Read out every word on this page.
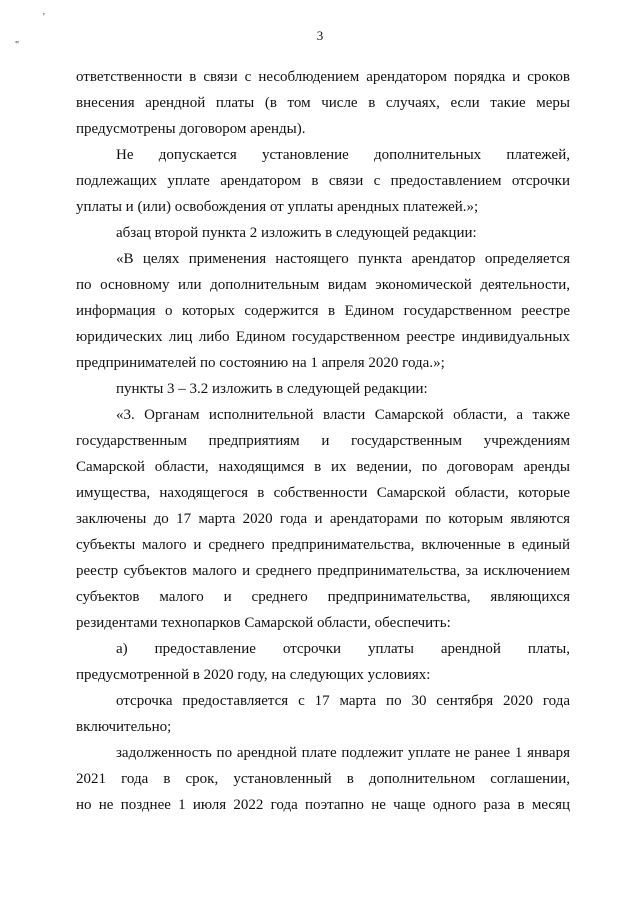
'
"
3
ответственности в связи с несоблюдением арендатором порядка и сроков
внесения арендной платы (в том числе в случаях, если такие меры
предусмотрены договором аренды).
Не допускается установление дополнительных платежей,
подлежащих уплате арендатором в связи с предоставлением отсрочки
уплаты и (или) освобождения от уплаты арендных платежей.»;
абзац второй пункта 2 изложить в следующей редакции:
«В целях применения настоящего пункта арендатор определяется
по основному или дополнительным видам экономической деятельности,
информация о которых содержится в Едином государственном реестре
юридических лиц либо Едином государственном реестре индивидуальных
предпринимателей по состоянию на 1 апреля 2020 года.»;
пункты 3 – 3.2 изложить в следующей редакции:
«3. Органам исполнительной власти Самарской области, а также
государственным предприятиям и государственным учреждениям
Самарской области, находящимся в их ведении, по договорам аренды
имущества, находящегося в собственности Самарской области, которые
заключены до 17 марта 2020 года и арендаторами по которым являются
субъекты малого и среднего предпринимательства, включенные в единый
реестр субъектов малого и среднего предпринимательства, за исключением
субъектов малого и среднего предпринимательства, являющихся
резидентами технопарков Самарской области, обеспечить:
а) предоставление отсрочки уплаты арендной платы,
предусмотренной в 2020 году, на следующих условиях:
отсрочка предоставляется с 17 марта по 30 сентября 2020 года
включительно;
задолженность по арендной плате подлежит уплате не ранее 1 января
2021 года в срок, установленный в дополнительном соглашении,
но не позднее 1 июля 2022 года поэтапно не чаще одного раза в месяц
